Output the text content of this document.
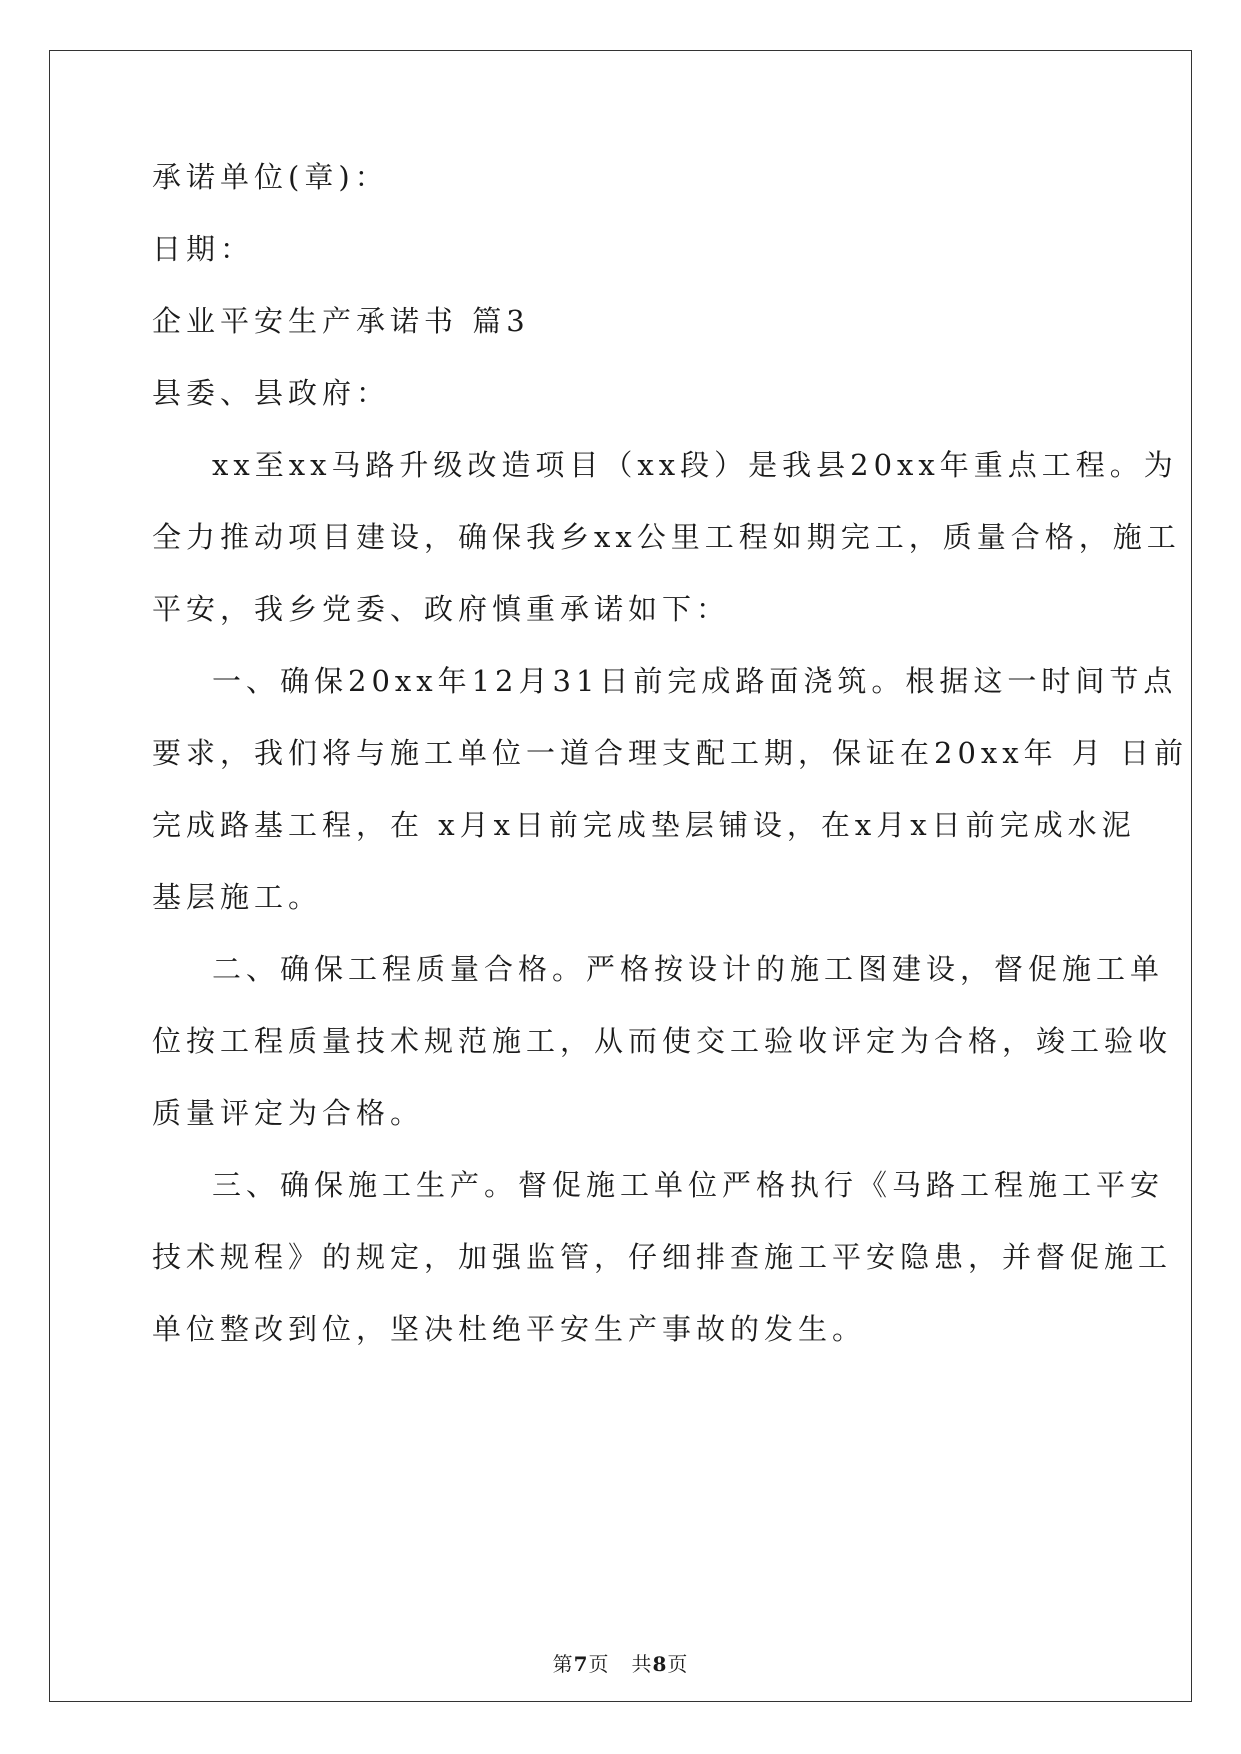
承诺单位(章)：
日期：
企业平安生产承诺书 篇3
县委、县政府：
xx至xx马路升级改造项目（xx段）是我县20xx年重点工程。为
全力推动项目建设，确保我乡xx公里工程如期完工，质量合格，施工
平安，我乡党委、政府慎重承诺如下：
一、确保20xx年12月31日前完成路面浇筑。根据这一时间节点
要求，我们将与施工单位一道合理支配工期，保证在20xx年 月 日前
完成路基工程，在 x月x日前完成垫层铺设，在x月x日前完成水泥
基层施工。
二、确保工程质量合格。严格按设计的施工图建设，督促施工单
位按工程质量技术规范施工，从而使交工验收评定为合格，竣工验收
质量评定为合格。
三、确保施工生产。督促施工单位严格执行《马路工程施工平安
技术规程》的规定，加强监管，仔细排查施工平安隐患，并督促施工
单位整改到位，坚决杜绝平安生产事故的发生。
第7页 共8页
